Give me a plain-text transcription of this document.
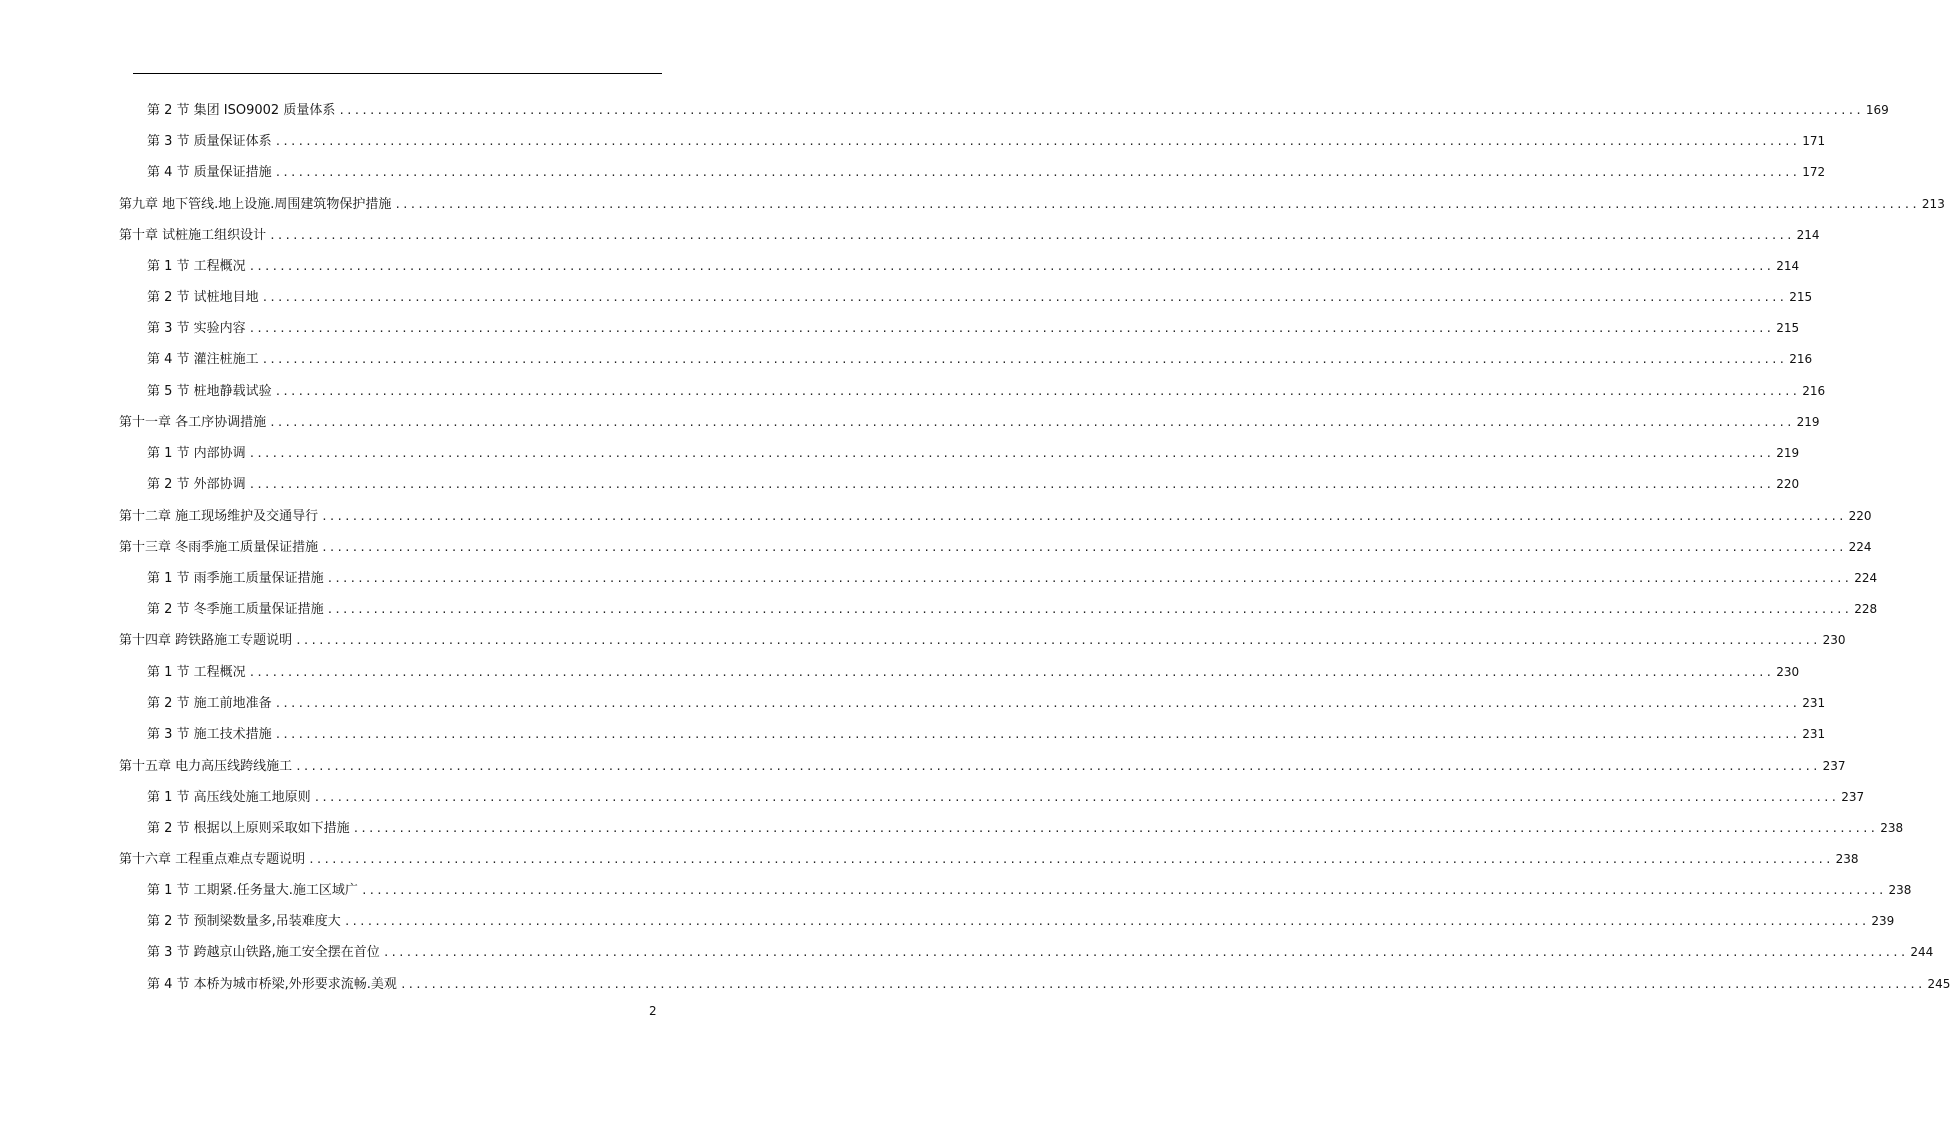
第 2 节 集团 ISO9002 质量体系 ........................................................................................................................................................................................................ 169
第 3 节 质量保证体系 ........................................................................................................................................................................................................ 171
第 4 节 质量保证措施 ........................................................................................................................................................................................................ 172
第九章 地下管线.地上设施.周围建筑物保护措施 ........................................................................................................................................................................................................ 213
第十章 试桩施工组织设计 ........................................................................................................................................................................................................ 214
第 1 节 工程概况 ........................................................................................................................................................................................................ 214
第 2 节 试桩地目地 ........................................................................................................................................................................................................ 215
第 3 节 实验内容 ........................................................................................................................................................................................................ 215
第 4 节 灌注桩施工 ........................................................................................................................................................................................................ 216
第 5 节 桩地静载试验 ........................................................................................................................................................................................................ 216
第十一章 各工序协调措施 ........................................................................................................................................................................................................ 219
第 1 节 内部协调 ........................................................................................................................................................................................................ 219
第 2 节 外部协调 ........................................................................................................................................................................................................ 220
第十二章 施工现场维护及交通导行 ........................................................................................................................................................................................................ 220
第十三章 冬雨季施工质量保证措施 ........................................................................................................................................................................................................ 224
第 1 节 雨季施工质量保证措施 ........................................................................................................................................................................................................ 224
第 2 节 冬季施工质量保证措施 ........................................................................................................................................................................................................ 228
第十四章 跨铁路施工专题说明 ........................................................................................................................................................................................................ 230
第 1 节 工程概况 ........................................................................................................................................................................................................ 230
第 2 节 施工前地准备 ........................................................................................................................................................................................................ 231
第 3 节 施工技术措施 ........................................................................................................................................................................................................ 231
第十五章 电力高压线跨线施工 ........................................................................................................................................................................................................ 237
第 1 节 高压线处施工地原则 ........................................................................................................................................................................................................ 237
第 2 节 根据以上原则采取如下措施 ........................................................................................................................................................................................................ 238
第十六章 工程重点难点专题说明 ........................................................................................................................................................................................................ 238
第 1 节 工期紧.任务量大.施工区域广 ........................................................................................................................................................................................................ 238
第 2 节 预制梁数量多,吊装难度大 ........................................................................................................................................................................................................ 239
第 3 节 跨越京山铁路,施工安全摆在首位 ........................................................................................................................................................................................................ 244
第 4 节 本桥为城市桥梁,外形要求流畅.美观 ........................................................................................................................................................................................................ 245
2
